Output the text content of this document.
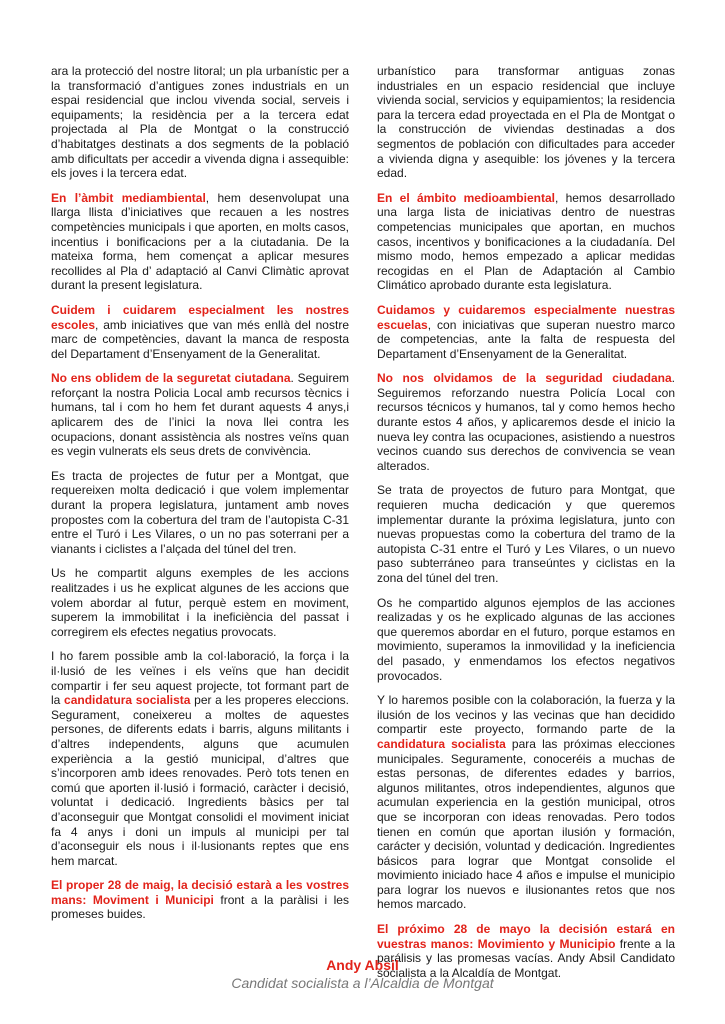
ara la protecció del nostre litoral; un pla urbanístic per a la transformació d’antigues zones industrials en un espai residencial que inclou vivenda social, serveis i equipaments; la residència per a la tercera edat projectada al Pla de Montgat o la construcció d’habitatges destinats a dos segments de la població amb dificultats per accedir a vivenda digna i assequible: els joves i la tercera edat.

En l’àmbit mediambiental, hem desenvolupat una llarga llista d’iniciatives que recauen a les nostres competències municipals i que aporten, en molts casos, incentius i bonificacions per a la ciutadania. De la mateixa forma, hem començat a aplicar mesures recollides al Pla d’ adaptació al Canvi Climàtic aprovat durant la present legislatura.

Cuidem i cuidarem especialment les nostres escoles, amb iniciatives que van més enllà del nostre marc de competències, davant la manca de resposta del Departament d’Ensenyament de la Generalitat.

No ens oblidem de la seguretat ciutadana. Seguirem reforçant la nostra Policia Local amb recursos tècnics i humans, tal i com ho hem fet durant aquests 4 anys,i aplicarem des de l’inici la nova llei contra les ocupacions, donant assistència als nostres veïns quan es vegin vulnerats els seus drets de convivència.

Es tracta de projectes de futur per a Montgat, que requereixen molta dedicació i que volem implementar durant la propera legislatura, juntament amb noves propostes com la cobertura del tram de l’autopista C-31 entre el Turó i Les Vilares, o un no pas soterrani per a vianants i ciclistes a l’alçada del túnel del tren.

Us he compartit alguns exemples de les accions realitzades i us he explicat algunes de les accions que volem abordar al futur, perquè estem en moviment, superem la immobilitat i la ineficiència del passat i corregirem els efectes negatius provocats.

I ho farem possible amb la col·laboració, la força i la il·lusió de les veïnes i els veïns que han decidit compartir i fer seu aquest projecte, tot formant part de la candidatura socialista per a les properes eleccions. Segurament, coneixereu a moltes de aquestes persones, de diferents edats i barris, alguns militants i d’altres independents, alguns que acumulen experiència a la gestió municipal, d’altres que s’incorporen amb idees renovades. Però tots tenen en comú que aporten il·lusió i formació, caràcter i decisió, voluntat i dedicació. Ingredients bàsics per tal d’aconseguir que Montgat consolidi el moviment iniciat fa 4 anys i doni un impuls al municipi per tal d’aconseguir els nous i il·lusionants reptes que ens hem marcat.

El proper 28 de maig, la decisió estarà a les vostres mans: Moviment i Municipi front a la paràlisi i les promeses buides.

urbanístico para transformar antiguas zonas industriales en un espacio residencial que incluye vivienda social, servicios y equipamientos; la residencia para la tercera edad proyectada en el Pla de Montgat o la construcción de viviendas destinadas a dos segmentos de población con dificultades para acceder a vivienda digna y asequible: los jóvenes y la tercera edad.

En el ámbito medioambiental, hemos desarrollado una larga lista de iniciativas dentro de nuestras competencias municipales que aportan, en muchos casos, incentivos y bonificaciones a la ciudadanía. Del mismo modo, hemos empezado a aplicar medidas recogidas en el Plan de Adaptación al Cambio Climático aprobado durante esta legislatura.

Cuidamos y cuidaremos especialmente nuestras escuelas, con iniciativas que superan nuestro marco de competencias, ante la falta de respuesta del Departament d’Ensenyament de la Generalitat.

No nos olvidamos de la seguridad ciudadana. Seguiremos reforzando nuestra Policía Local con recursos técnicos y humanos, tal y como hemos hecho durante estos 4 años, y aplicaremos desde el inicio la nueva ley contra las ocupaciones, asistiendo a nuestros vecinos cuando sus derechos de convivencia se vean alterados.

Se trata de proyectos de futuro para Montgat, que requieren mucha dedicación y que queremos implementar durante la próxima legislatura, junto con nuevas propuestas como la cobertura del tramo de la autopista C-31 entre el Turó y Les Vilares, o un nuevo paso subterráneo para transeúntes y ciclistas en la zona del túnel del tren.

Os he compartido algunos ejemplos de las acciones realizadas y os he explicado algunas de las acciones que queremos abordar en el futuro, porque estamos en movimiento, superamos la inmovilidad y la ineficiencia del pasado, y enmendamos los efectos negativos provocados.

Y lo haremos posible con la colaboración, la fuerza y la ilusión de los vecinos y las vecinas que han decidido compartir este proyecto, formando parte de la candidatura socialista para las próximas elecciones municipales. Seguramente, conoceréis a muchas de estas personas, de diferentes edades y barrios, algunos militantes, otros independientes, algunos que acumulan experiencia en la gestión municipal, otros que se incorporan con ideas renovadas. Pero todos tienen en común que aportan ilusión y formación, carácter y decisión, voluntad y dedicación. Ingredientes básicos para lograr que Montgat consolide el movimiento iniciado hace 4 años e impulse el municipio para lograr los nuevos e ilusionantes retos que nos hemos marcado.

El próximo 28 de mayo la decisión estará en vuestras manos: Movimiento y Municipio frente a la parálisis y las promesas vacías. Andy Absil Candidato socialista a la Alcaldía de Montgat.

Andy Absil
Candidat socialista a l’Alcaldia de Montgat
